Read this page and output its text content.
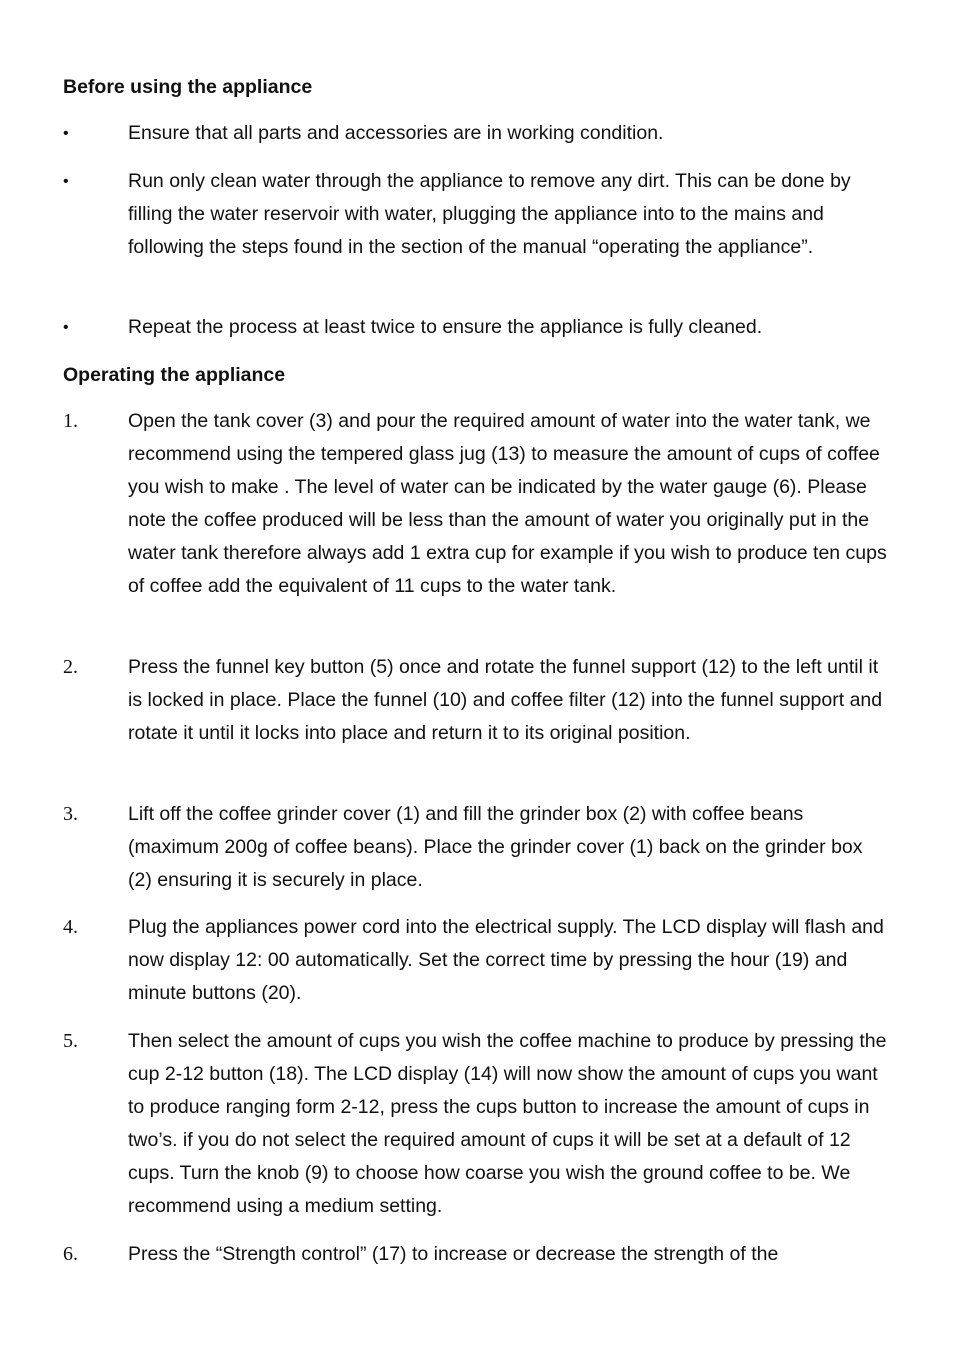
Before using the appliance
•	Ensure that all parts and accessories are in working condition.
•	Run only clean water through the appliance to remove any dirt. This can be done by filling the water reservoir with water, plugging the appliance into to the mains and following the steps found in the section of the manual “operating the appliance”.
•	Repeat the process at least twice to ensure the appliance is fully cleaned.
Operating the appliance
1.	Open the tank cover (3) and pour the required amount of water into the water tank, we recommend using the tempered glass jug (13) to measure the amount of cups of coffee you wish to make . The level of water can be indicated by the water gauge (6). Please note the coffee produced will be less than the amount of water you originally put in the water tank therefore always add 1 extra cup for example if you wish to produce ten cups of coffee add the equivalent of 11 cups to the water tank.
2.	Press the funnel key button (5) once and rotate the funnel support (12) to the left until it is locked in place. Place the funnel (10) and coffee filter (12) into the funnel support and rotate it until it locks into place and return it to its original position.
3.	Lift off the coffee grinder cover (1) and fill the grinder box (2) with coffee beans (maximum 200g of coffee beans). Place the grinder cover (1) back on the grinder box (2) ensuring it is securely in place.
4.	Plug the appliances power cord into the electrical supply. The LCD display will flash and now display 12: 00 automatically. Set the correct time by pressing the hour (19) and minute buttons (20).
5.	Then select the amount of cups you wish the coffee machine to produce by pressing the cup 2-12 button (18). The LCD display (14) will now show the amount of cups you want to produce ranging form 2-12, press the cups button to increase the amount of cups in two’s. if you do not select the required amount of cups it will be set at a default of 12 cups. Turn the knob (9) to choose how coarse you wish the ground coffee to be. We recommend using a medium setting.
6.	Press the “Strength control” (17) to increase or decrease the strength of the
